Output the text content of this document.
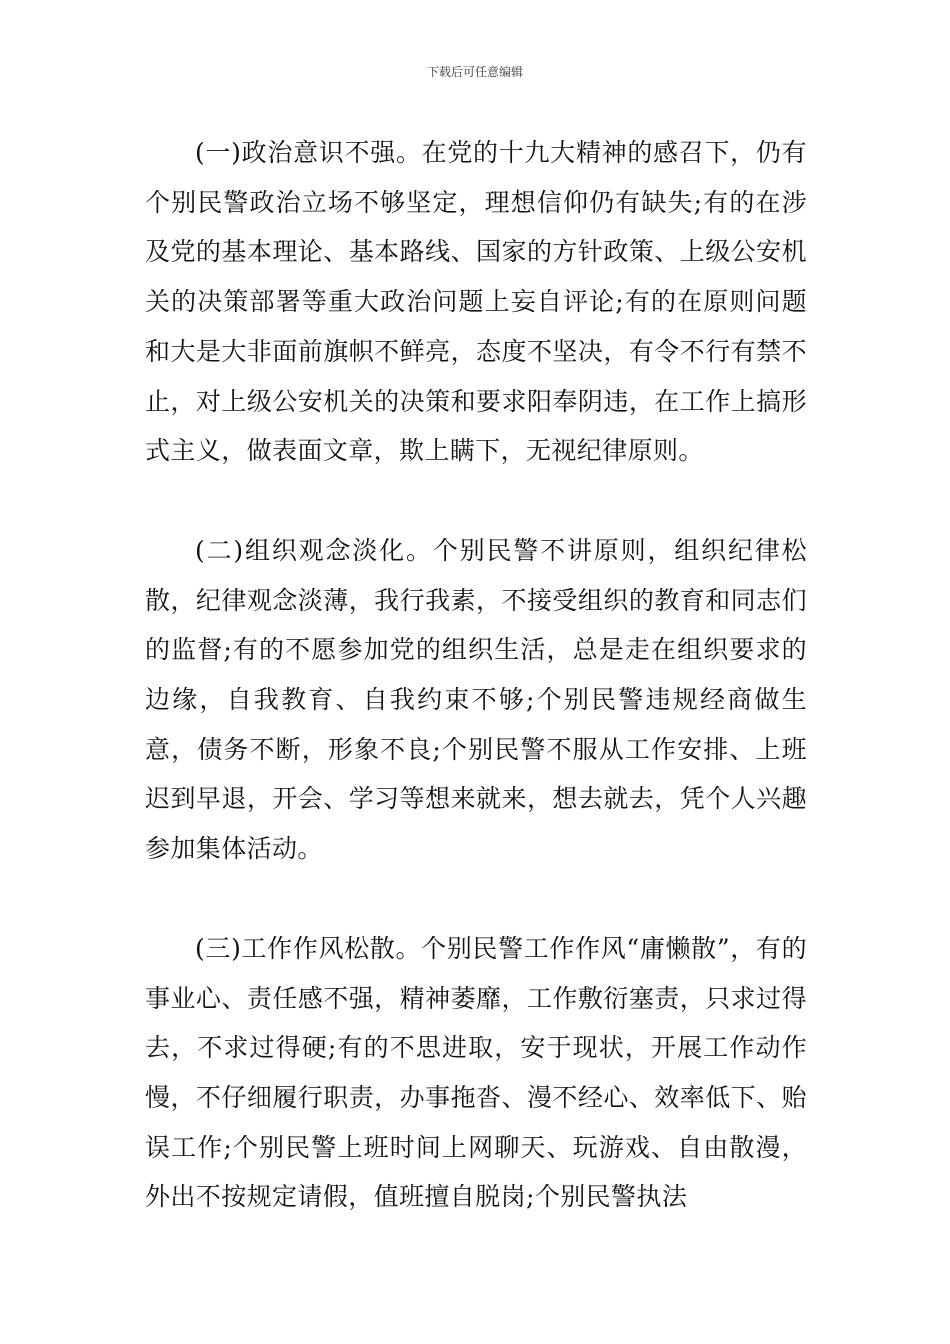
下载后可任意编辑

(一)政治意识不强。在党的十九大精神的感召下，仍有个别民警政治立场不够坚定，理想信仰仍有缺失;有的在涉及党的基本理论、基本路线、国家的方针政策、上级公安机关的决策部署等重大政治问题上妄自评论;有的在原则问题和大是大非面前旗帜不鲜亮，态度不坚决，有令不行有禁不止，对上级公安机关的决策和要求阳奉阴违，在工作上搞形式主义，做表面文章，欺上瞒下，无视纪律原则。

(二)组织观念淡化。个别民警不讲原则，组织纪律松散，纪律观念淡薄，我行我素，不接受组织的教育和同志们的监督;有的不愿参加党的组织生活，总是走在组织要求的边缘，自我教育、自我约束不够;个别民警违规经商做生意，债务不断，形象不良;个别民警不服从工作安排、上班迟到早退，开会、学习等想来就来，想去就去，凭个人兴趣参加集体活动。

(三)工作作风松散。个别民警工作作风“庸懒散”，有的事业心、责任感不强，精神萎靡，工作敷衍塞责，只求过得去，不求过得硬;有的不思进取，安于现状，开展工作动作慢，不仔细履行职责，办事拖沓、漫不经心、效率低下、贻误工作;个别民警上班时间上网聊天、玩游戏、自由散漫，外出不按规定请假，值班擅自脱岗;个别民警执法
